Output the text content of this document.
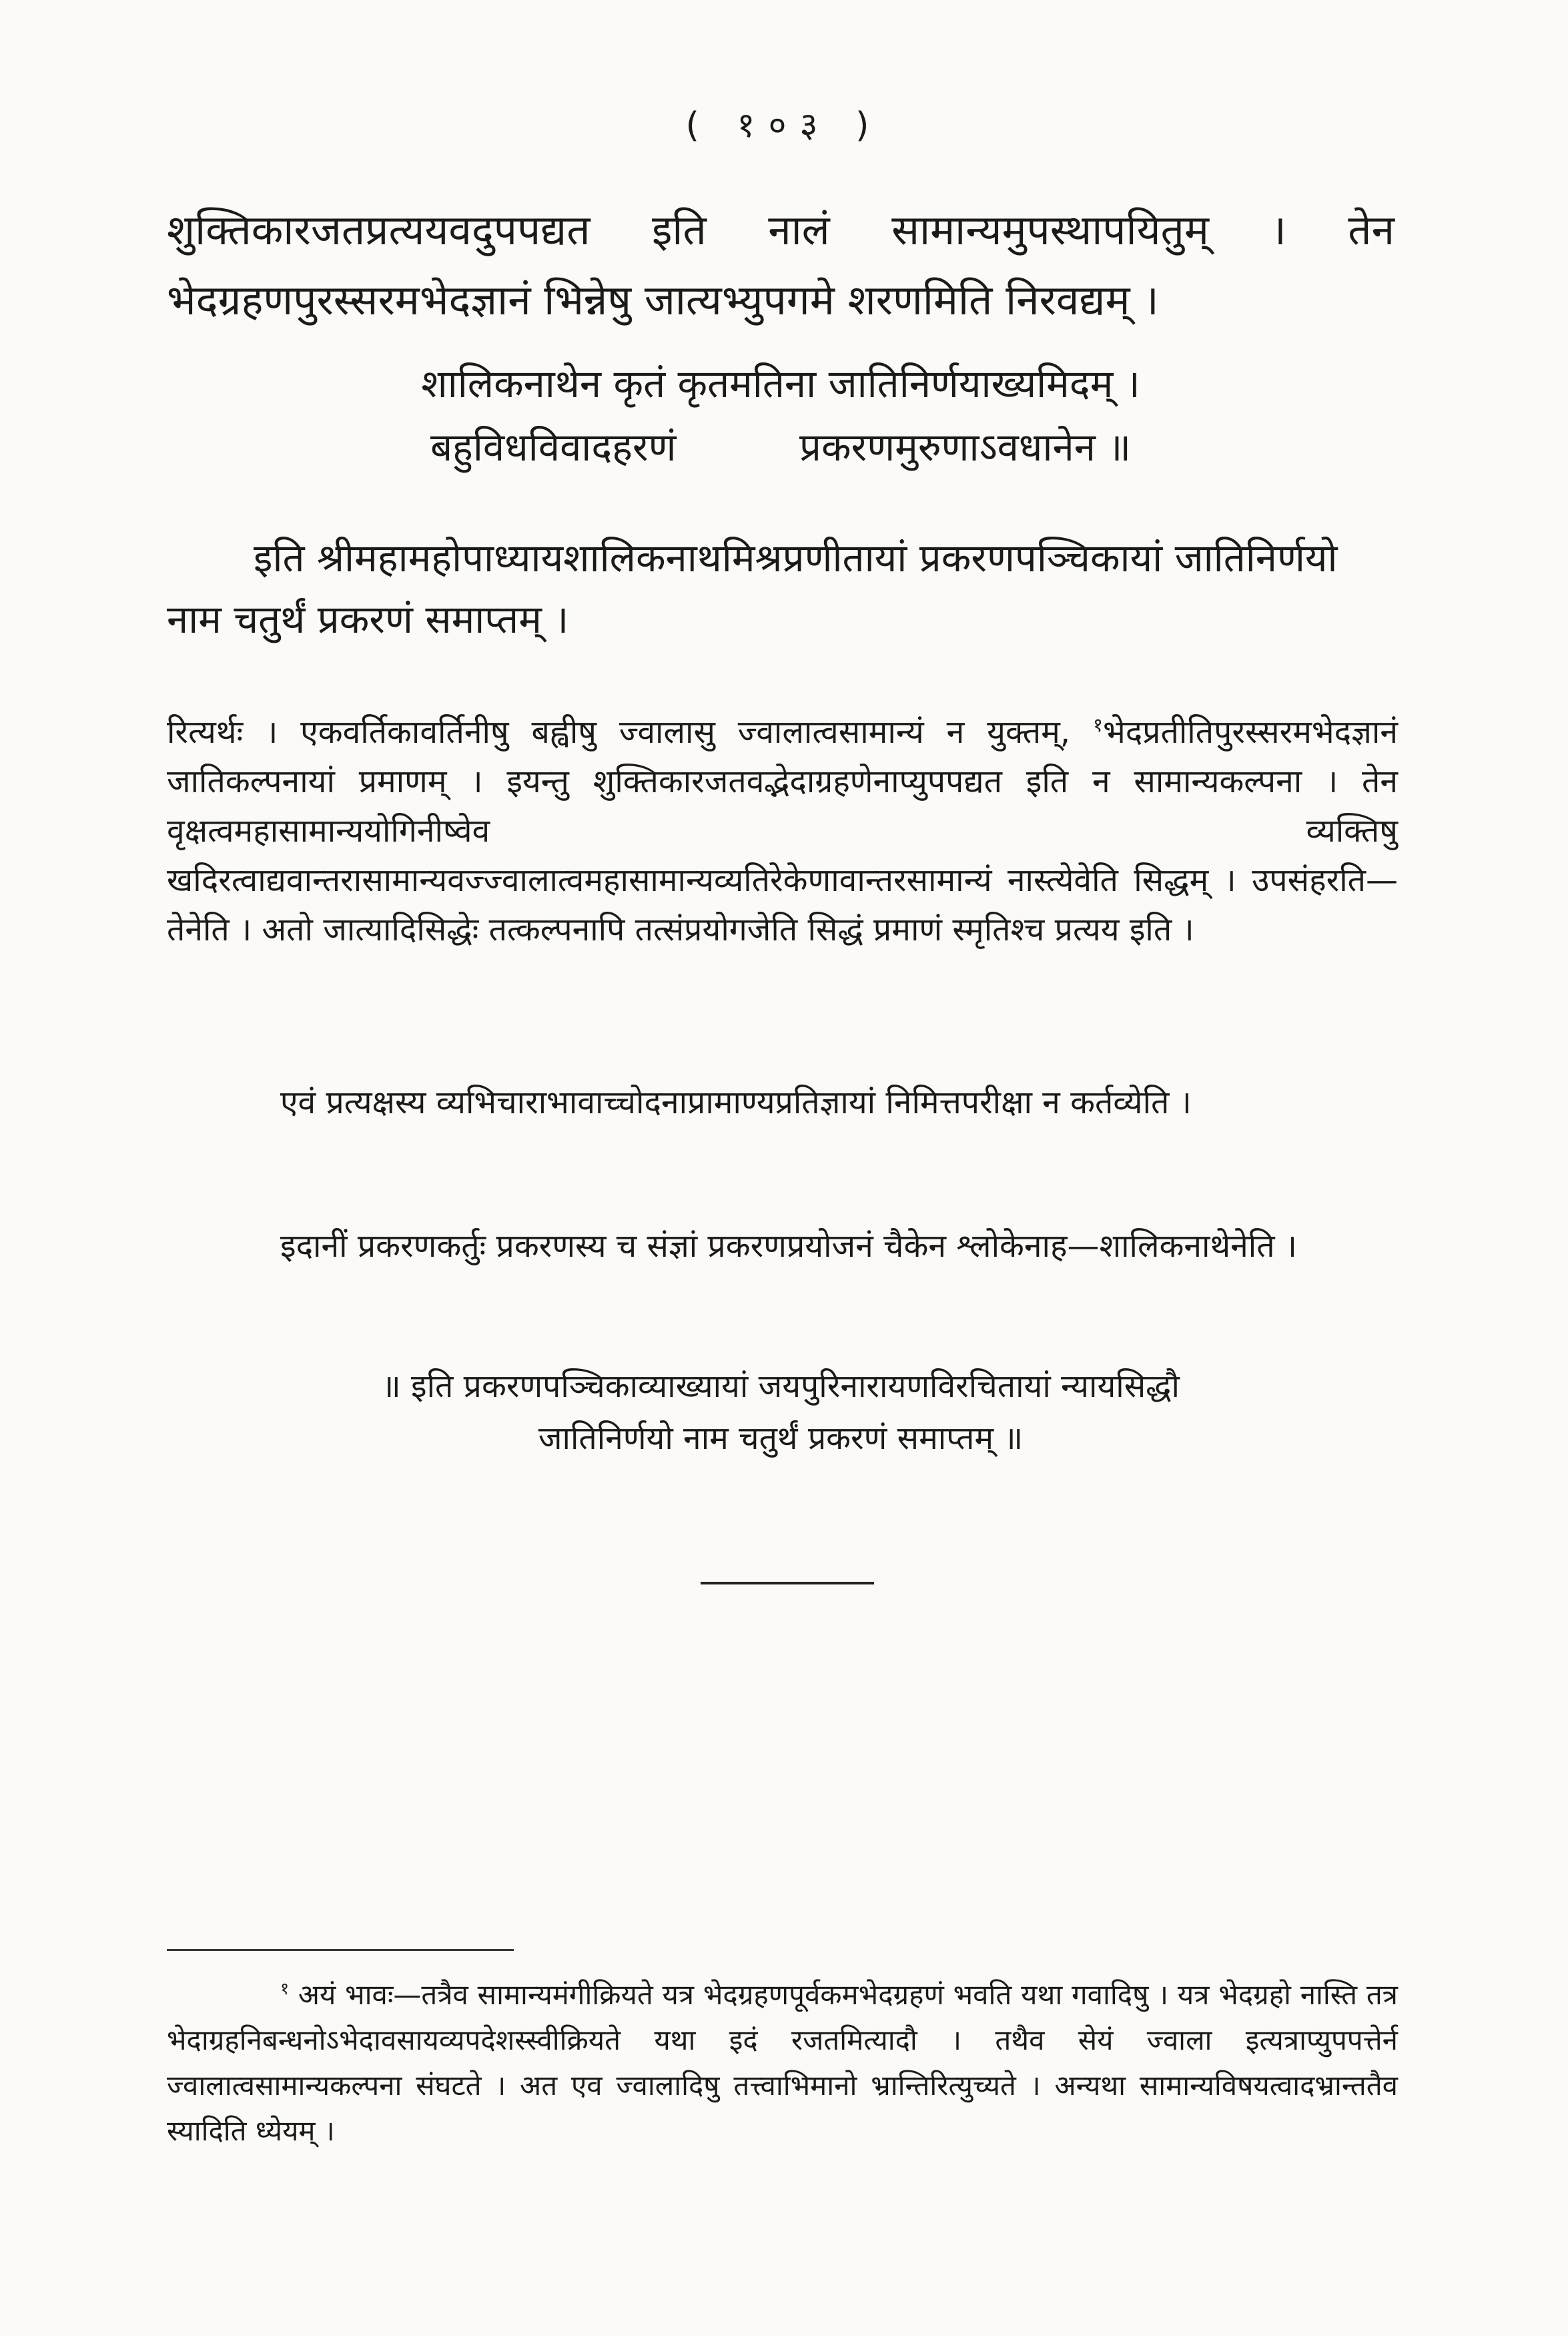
( १०३ )
शुक्तिकारजतप्रत्ययवदुपपद्यत इति नालं सामान्यमुपस्थापयितुम् । तेन
भेदग्रहणपुरस्सरमभेदज्ञानं भिन्नेषु जात्यभ्युपगमे शरणमिति निरवद्यम् ।
शालिकनाथेन कृतं कृतमतिना जातिनिर्णयाख्यमिदम् ।
बहुविधविवादहरणं          प्रकरणमुरुणाऽवधानेन ॥
इति श्रीमहामहोपाध्यायशालिकनाथमिश्रप्रणीतायां प्रकरणपञ्चिकायां जातिनिर्णयो नाम चतुर्थं प्रकरणं समाप्तम् ।
रित्यर्थः । एकवर्तिकावर्तिनीषु बह्वीषु ज्वालासु ज्वालात्वसामान्यं न युक्तम्, $^१$भेदप्रतीतिपुरस्सरमभेदज्ञानं जातिकल्पनायां प्रमाणम् । इयन्तु शुक्तिकारजतवद्भेदाग्रहणेनाप्युपपद्यत इति न सामान्यकल्पना । तेन वृक्षत्वमहासामान्ययोगिनीष्वेव व्यक्तिषु खदिरत्वाद्यवान्तरासामान्यवज्ज्वालात्वमहासामान्यव्यतिरेकेणावान्तरसामान्यं नास्त्येवेति सिद्धम् । उपसंहरति—तेनेति । अतो जात्यादिसिद्धेः तत्कल्पनापि तत्संप्रयोगजेति सिद्धं प्रमाणं स्मृतिश्च प्रत्यय इति ।
एवं प्रत्यक्षस्य व्यभिचाराभावाच्चोदनाप्रामाण्यप्रतिज्ञायां निमित्तपरीक्षा न कर्तव्येति ।
इदानीं प्रकरणकर्तुः प्रकरणस्य च संज्ञां प्रकरणप्रयोजनं चैकेन श्लोकेनाह—शालिकनाथेनेति ।
॥ इति प्रकरणपञ्चिकाव्याख्यायां जयपुरिनारायणविरचितायां न्यायसिद्धौ
जातिनिर्णयो नाम चतुर्थं प्रकरणं समाप्तम् ॥
$^१$ अयं भावः—तत्रैव सामान्यमंगीक्रियते यत्र भेदग्रहणपूर्वकमभेदग्रहणं भवति यथा गवादिषु । यत्र भेदग्रहो नास्ति तत्र भेदाग्रहनिबन्धनोऽभेदावसायव्यपदेशस्स्वीक्रियते यथा इदं रजतमित्यादौ । तथैव सेयं ज्वाला इत्यत्राप्युपपत्तेर्न ज्वालात्वसामान्यकल्पना संघटते । अत एव ज्वालादिषु तत्त्वाभिमानो भ्रान्तिरित्युच्यते । अन्यथा सामान्यविषयत्वादभ्रान्ततैव स्यादिति ध्येयम् ।
